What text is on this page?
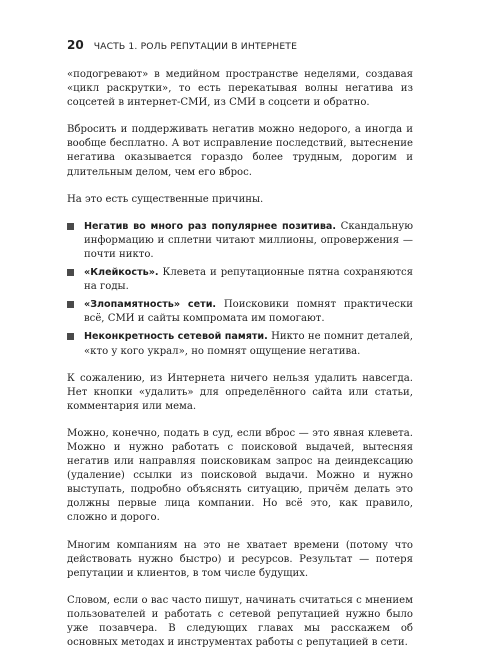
20 ЧАСТЬ 1. РОЛЬ РЕПУТАЦИИ В ИНТЕРНЕТЕ

«подогревают» в медийном пространстве неделями, создавая «цикл раскрутки», то есть перекатывая волны негатива из соцсетей в интернет-СМИ, из СМИ в соцсети и обратно.

Вбросить и поддерживать негатив можно недорого, а иногда и вообще бесплатно. А вот исправление последствий, вытеснение негатива оказывается гораздо более трудным, дорогим и длительным делом, чем его вброс.

На это есть существенные причины.

Негатив во много раз популярнее позитива. Скандальную информацию и сплетни читают миллионы, опровержения — почти никто.
«Клейкость». Клевета и репутационные пятна сохраняются на годы.
«Злопамятность» сети. Поисковики помнят практически всё, СМИ и сайты компромата им помогают.
Неконкретность сетевой памяти. Никто не помнит деталей, «кто у кого украл», но помнят ощущение негатива.

К сожалению, из Интернета ничего нельзя удалить навсегда. Нет кнопки «удалить» для определённого сайта или статьи, комментария или мема.

Можно, конечно, подать в суд, если вброс — это явная клевета. Можно и нужно работать с поисковой выдачей, вытесняя негатив или направляя поисковикам запрос на деиндексацию (удаление) ссылки из поисковой выдачи. Можно и нужно выступать, подробно объяснять ситуацию, причём делать это должны первые лица компании. Но всё это, как правило, сложно и дорого.

Многим компаниям на это не хватает времени (потому что действовать нужно быстро) и ресурсов. Результат — потеря репутации и клиентов, в том числе будущих.

Словом, если о вас часто пишут, начинать считаться с мнением пользователей и работать с сетевой репутацией нужно было уже позавчера. В следующих главах мы расскажем об основных методах и инструментах работы с репутацией в сети.
